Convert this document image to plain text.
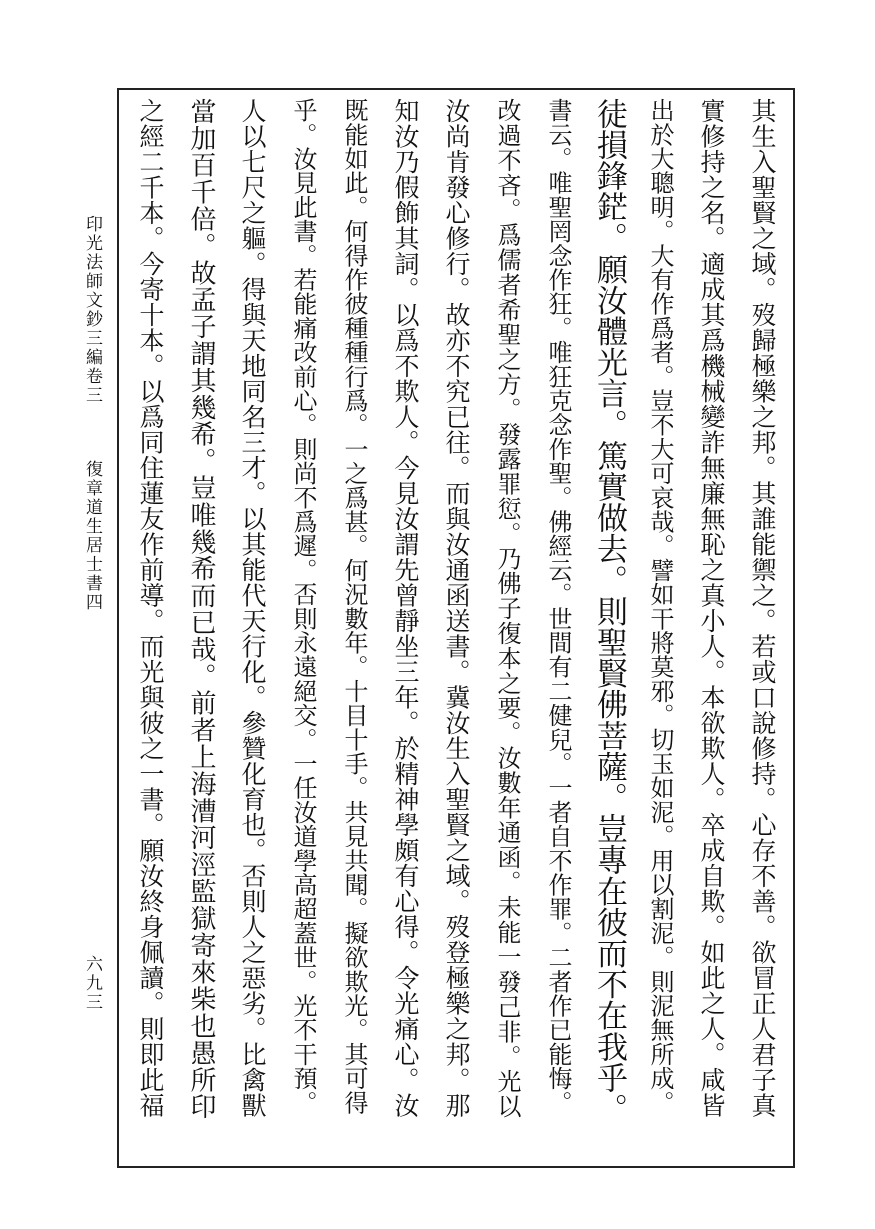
印光法師文鈔三編卷三
復章道生居士書四
六九三	其生入聖賢之域。歿歸極樂之邦。其誰能禦之。若或口說修持。心存不善。欲冒正人君子真
實修持之名。適成其爲機械變詐無廉無恥之真小人。本欲欺人。卒成自欺。如此之人。咸皆
出於大聰明。大有作爲者。豈不大可哀哉。譬如干將莫邪。切玉如泥。用以割泥。則泥無所成。
徒損鋒鋩。願汝體光言。篤實做去。則聖賢佛菩薩。豈專在彼而不在我乎。
書云。唯聖罔念作狂。唯狂克念作聖。佛經云。世間有二健兒。一者自不作罪。二者作已能悔。
改過不吝。爲儒者希聖之方。發露罪愆。乃佛子復本之要。汝數年通函。未能一發己非。光以
汝尚肯發心修行。故亦不究已往。而與汝通函送書。冀汝生入聖賢之域。歿登極樂之邦。那
知汝乃假飾其詞。以爲不欺人。今見汝謂先曾靜坐三年。於精神學頗有心得。令光痛心。汝
既能如此。何得作彼種種行爲。一之爲甚。何況數年。十目十手。共見共聞。擬欲欺光。其可得
乎。汝見此書。若能痛改前心。則尚不爲遲。否則永遠絕交。一任汝道學高超蓋世。光不干預。
人以七尺之軀。得與天地同名三才。以其能代天行化。參贊化育也。否則人之惡劣。比禽獸
當加百千倍。故孟子謂其幾希。豈唯幾希而已哉。前者上海漕河涇監獄寄來柴也愚所印
之經二千本。今寄十本。以爲同住蓮友作前導。而光與彼之一書。願汝終身佩讀。則即此福
